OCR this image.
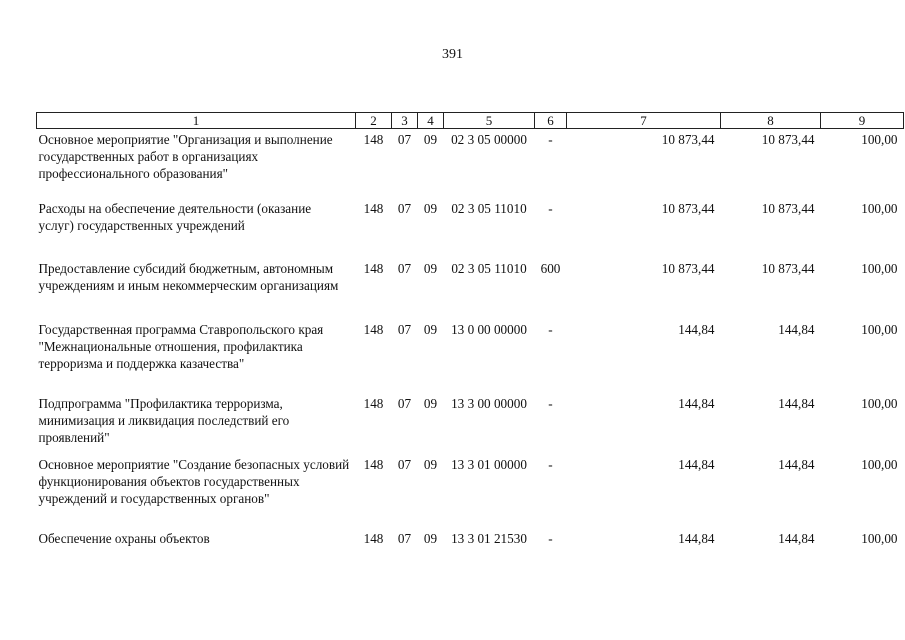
391
1	2	3	4	5	6	7	8	9
Основное мероприятие "Организация и выполнение государственных работ в организациях профессионального образования"	148	07	09	02 3 05 00000	-	10 873,44	10 873,44	100,00
Расходы на обеспечение деятельности (оказание услуг) государственных учреждений	148	07	09	02 3 05 11010	-	10 873,44	10 873,44	100,00
Предоставление субсидий бюджетным, автономным учреждениям и иным некоммерческим организациям	148	07	09	02 3 05 11010	600	10 873,44	10 873,44	100,00
Государственная программа Ставропольского края "Межнациональные отношения, профилактика терроризма и поддержка казачества"	148	07	09	13 0 00 00000	-	144,84	144,84	100,00
Подпрограмма "Профилактика терроризма, минимизация и ликвидация последствий его проявлений"	148	07	09	13 3 00 00000	-	144,84	144,84	100,00
Основное мероприятие "Создание безопасных условий функционирования объектов государственных учреждений и государственных органов"	148	07	09	13 3 01 00000	-	144,84	144,84	100,00
Обеспечение охраны объектов	148	07	09	13 3 01 21530	-	144,84	144,84	100,00
